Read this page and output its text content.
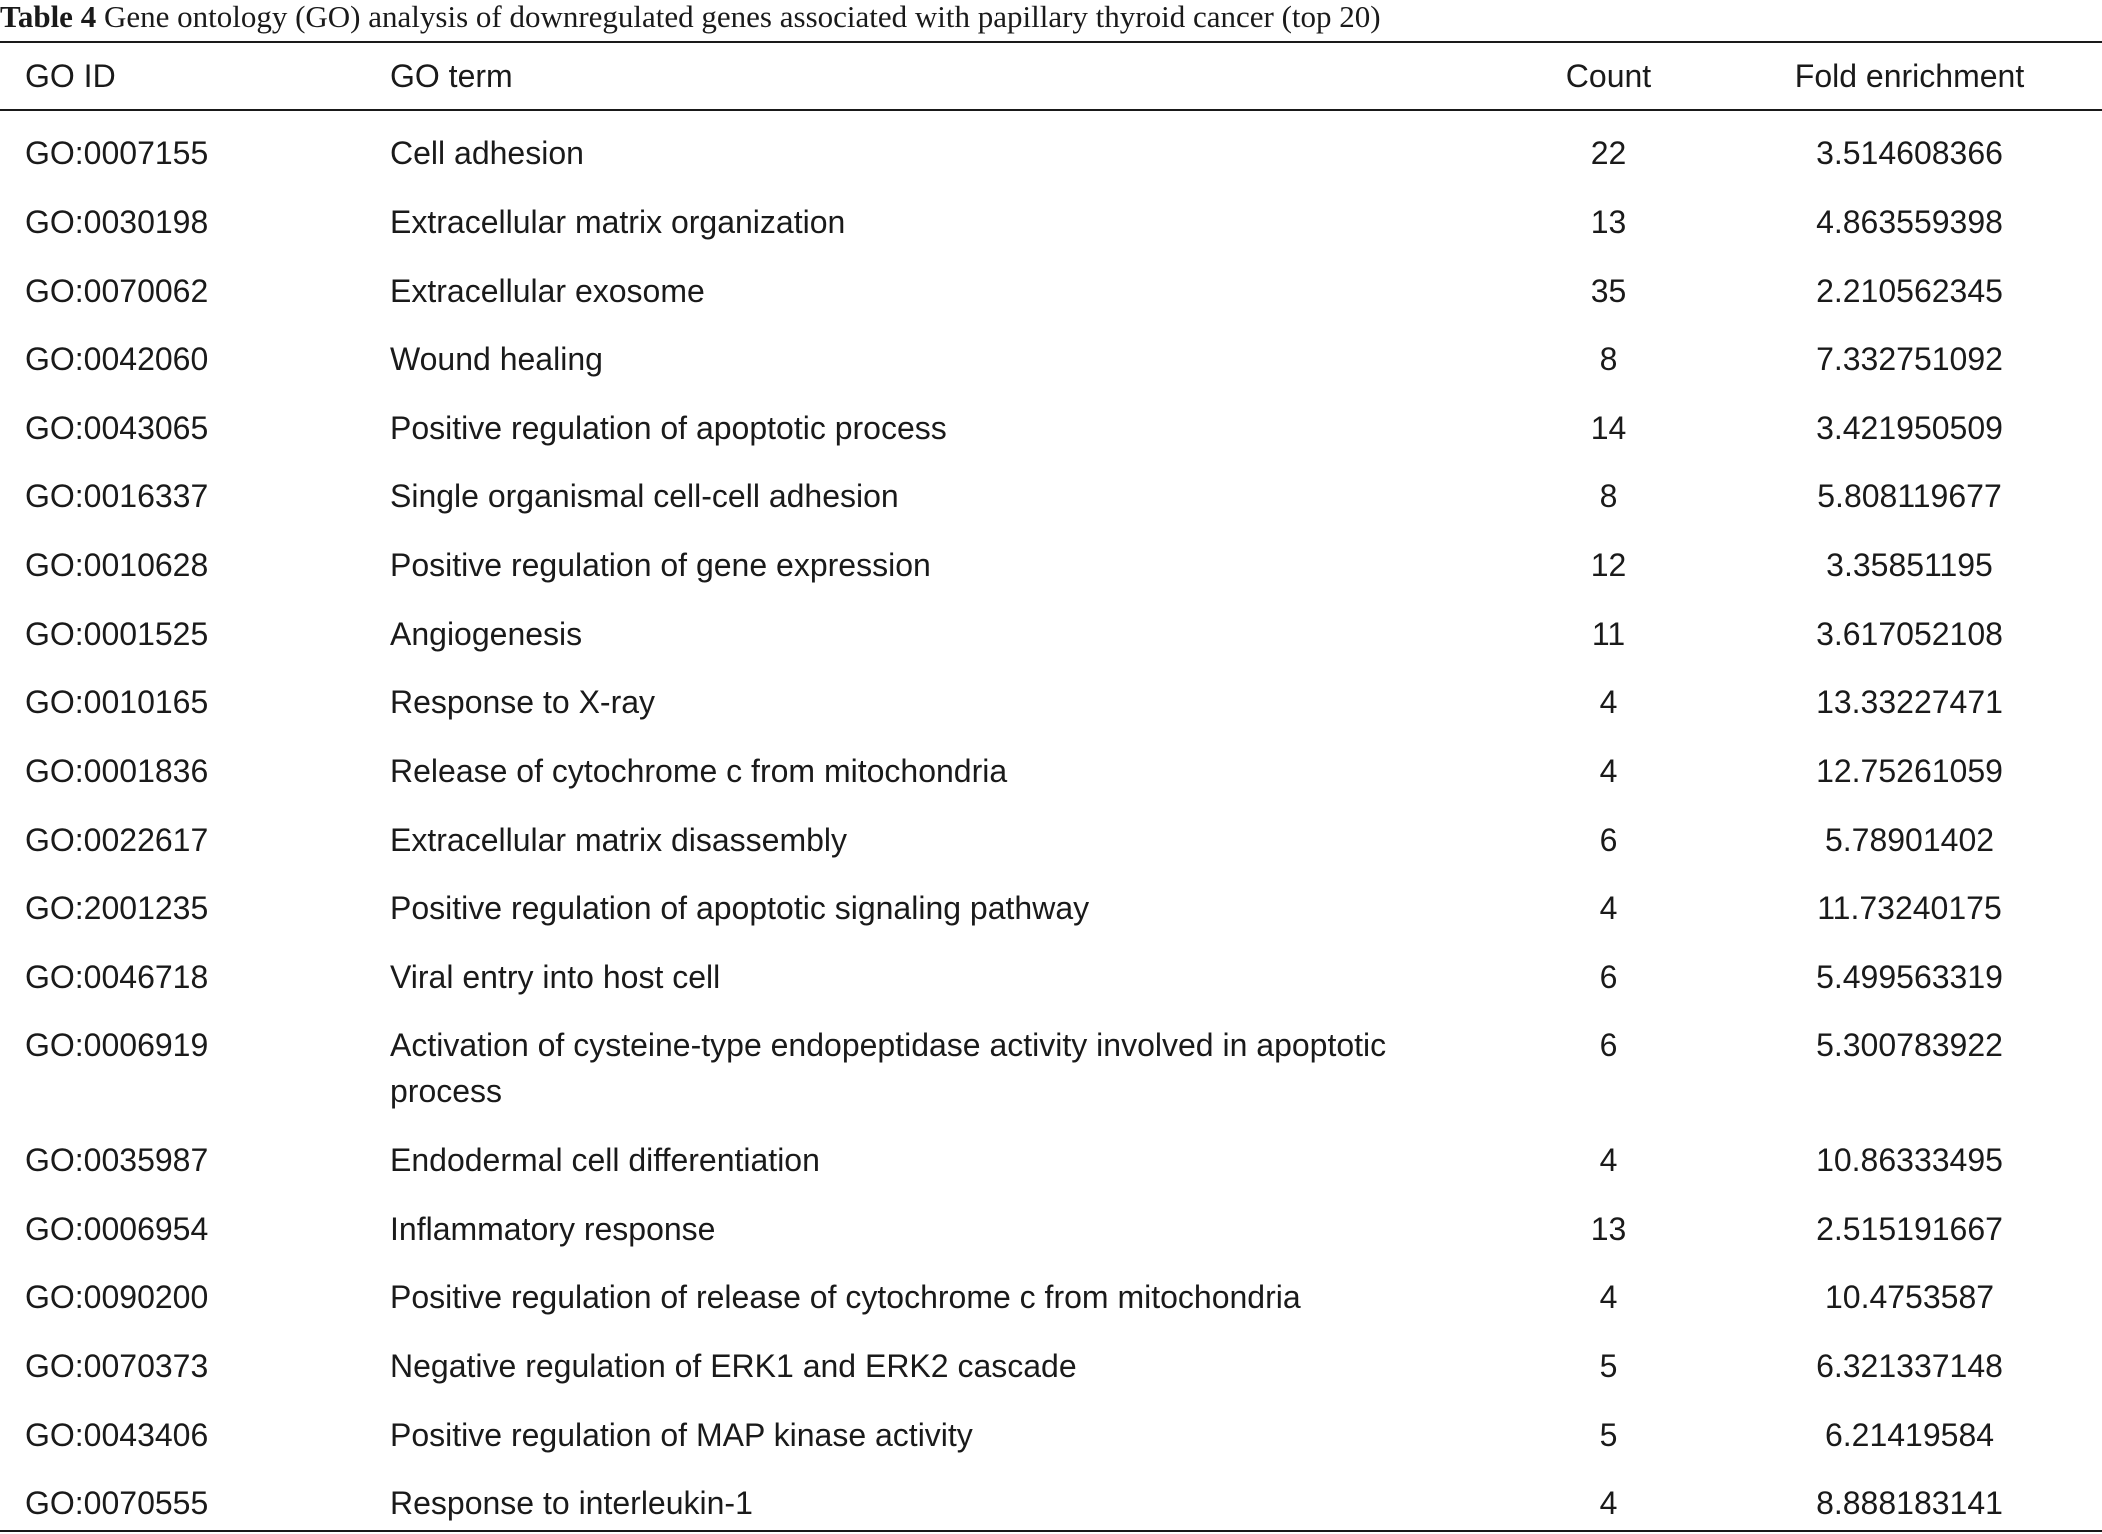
Table 4 Gene ontology (GO) analysis of downregulated genes associated with papillary thyroid cancer (top 20)
GO ID	GO term	Count	Fold enrichment
GO:0007155	Cell adhesion	22	3.514608366
GO:0030198	Extracellular matrix organization	13	4.863559398
GO:0070062	Extracellular exosome	35	2.210562345
GO:0042060	Wound healing	8	7.332751092
GO:0043065	Positive regulation of apoptotic process	14	3.421950509
GO:0016337	Single organismal cell-cell adhesion	8	5.808119677
GO:0010628	Positive regulation of gene expression	12	3.35851195
GO:0001525	Angiogenesis	11	3.617052108
GO:0010165	Response to X-ray	4	13.33227471
GO:0001836	Release of cytochrome c from mitochondria	4	12.75261059
GO:0022617	Extracellular matrix disassembly	6	5.78901402
GO:2001235	Positive regulation of apoptotic signaling pathway	4	11.73240175
GO:0046718	Viral entry into host cell	6	5.499563319
GO:0006919	Activation of cysteine-type endopeptidase activity involved in apoptotic process	6	5.300783922
GO:0035987	Endodermal cell differentiation	4	10.86333495
GO:0006954	Inflammatory response	13	2.515191667
GO:0090200	Positive regulation of release of cytochrome c from mitochondria	4	10.4753587
GO:0070373	Negative regulation of ERK1 and ERK2 cascade	5	6.321337148
GO:0043406	Positive regulation of MAP kinase activity	5	6.21419584
GO:0070555	Response to interleukin-1	4	8.888183141
